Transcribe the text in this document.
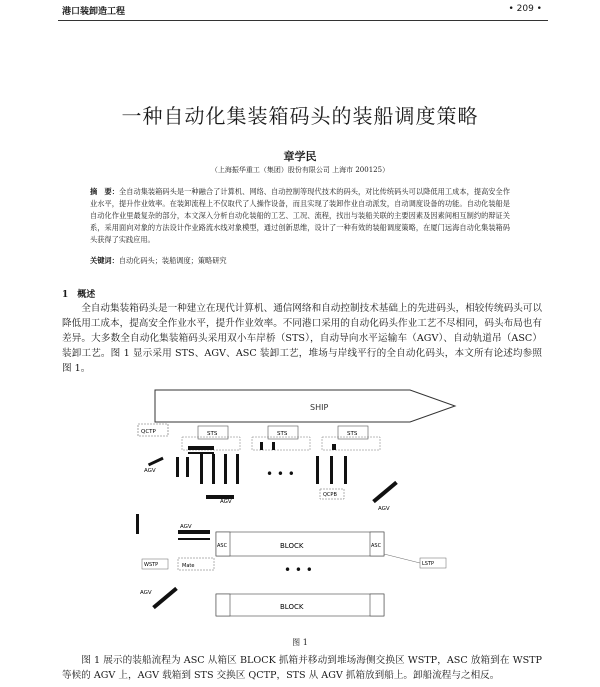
港口装卸造工程	• 209 •
一种自动化集装箱码头的装船调度策略
章学民
（上海振华重工（集团）股份有限公司 上海市 200125）
摘　要：全自动集装箱码头是一种融合了计算机、网络、自动控制等现代技术的码头，对比传统码头可以降低用工成本，提高安全作业水平，提升作业效率。在装卸流程上不仅取代了人操作设备，而且实现了装卸作业自动派发，自动调度设备的功能。自动化装船是自动化作业里最复杂的部分，本文深入分析自动化装船的工艺、工况、流程，找出与装船关联的主要因素及因素间相互制约的辩证关系，采用面向对象的方法设计作业路流水线对象模型，通过创新思维，设计了一种有效的装船调度策略，在厦门远海自动化集装箱码头获得了实践应用。
关键词：自动化码头；装船调度；策略研究
1　概述
全自动集装箱码头是一种建立在现代计算机、通信网络和自动控制技术基础上的先进码头，相较传统码头可以降低用工成本，提高安全作业水平，提升作业效率。不同港口采用的自动化码头作业工艺不尽相同，码头布局也有差异。大多数全自动化集装箱码头采用双小车岸桥（STS），自动导向水平运输车（AGV）、自动轨道吊（ASC）装卸工艺。图 1 显示采用 STS、AGV、ASC 装卸工艺，堆场与岸线平行的全自动化码头，本文所有论述均参照图 1。
SHIP
QCTP	STS	STS	STS
AGV	• • •
QCPB
AGV
AGV
AGV
ASC	ASC
BLOCK
WSTP	Mate	LSTP
• • •
AGV
BLOCK
图 1
图 1 展示的装船流程为 ASC 从箱区 BLOCK 抓箱并移动到堆场海侧交换区 WSTP，ASC 放箱到在 WSTP 等候的 AGV 上，AGV 载箱到 STS 交换区 QCTP，STS 从 AGV 抓箱放到船上。卸船流程与之相反。
